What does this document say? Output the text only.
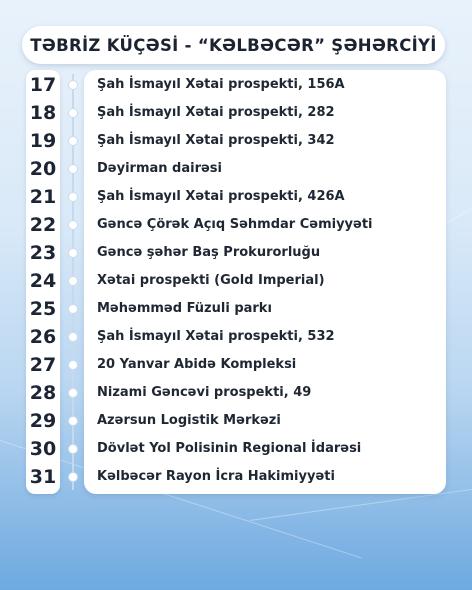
TƏBRİZ KÜÇƏSİ - “KƏLBƏCƏR” ŞƏHƏRCİYİ
17	Şah İsmayıl Xətai prospekti, 156A
18	Şah İsmayıl Xətai prospekti, 282
19	Şah İsmayıl Xətai prospekti, 342
20	Dəyirman dairəsi
21	Şah İsmayıl Xətai prospekti, 426A
22	Gəncə Çörək Açıq Səhmdar Cəmiyyəti
23	Gəncə şəhər Baş Prokurorluğu
24	Xətai prospekti (Gold Imperial)
25	Məhəmməd Füzuli parkı
26	Şah İsmayıl Xətai prospekti, 532
27	20 Yanvar Abidə Kompleksi
28	Nizami Gəncəvi prospekti, 49
29	Azərsun Logistik Mərkəzi
30	Dövlət Yol Polisinin Regional İdarəsi
31	Kəlbəcər Rayon İcra Hakimiyyəti
